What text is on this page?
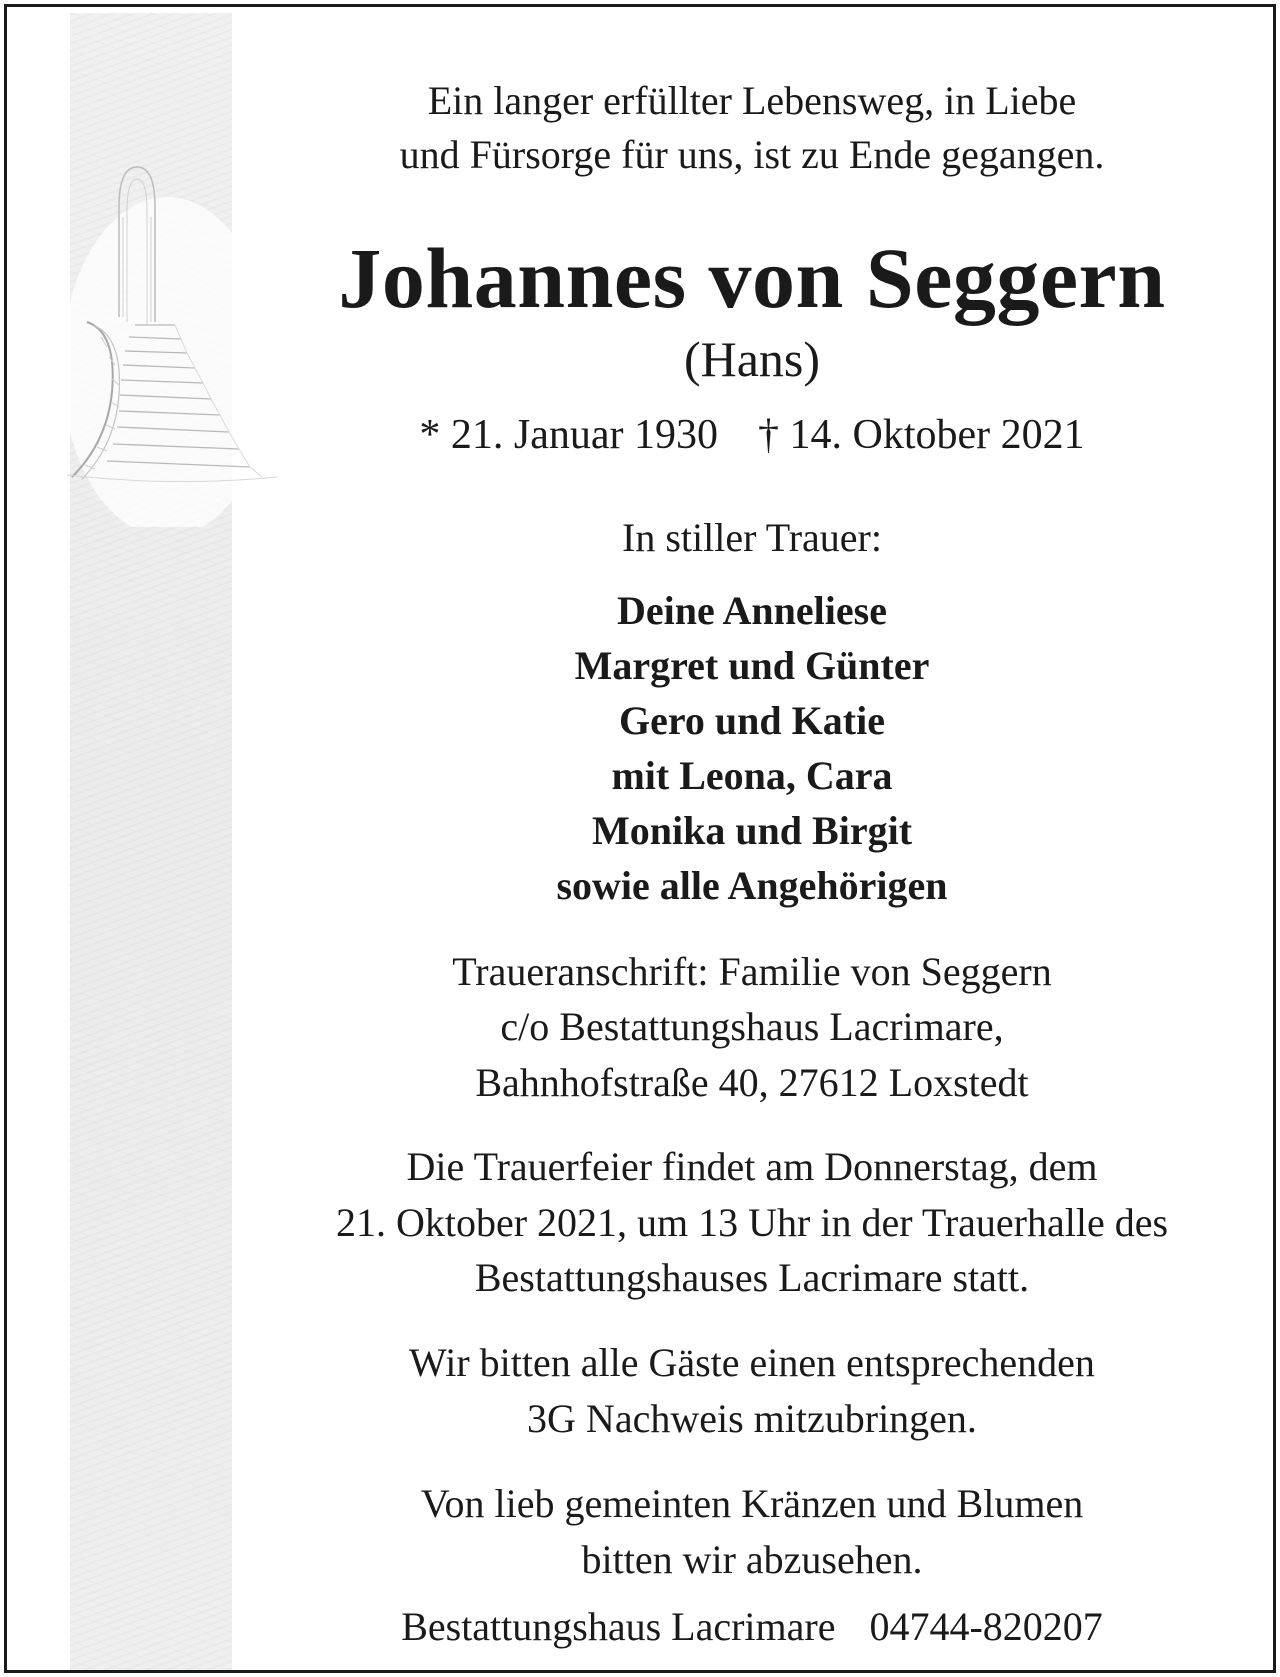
Ein langer erfüllter Lebensweg, in Liebe
und Fürsorge für uns, ist zu Ende gegangen.
Johannes von Seggern
(Hans)
* 21. Januar 1930 † 14. Oktober 2021
In stiller Trauer:
Deine Anneliese
Margret und Günter
Gero und Katie
mit Leona, Cara
Monika und Birgit
sowie alle Angehörigen
Traueranschrift: Familie von Seggern
c/o Bestattungshaus Lacrimare,
Bahnhofstraße 40, 27612 Loxstedt
Die Trauerfeier findet am Donnerstag, dem
21. Oktober 2021, um 13 Uhr in der Trauerhalle des
Bestattungshauses Lacrimare statt.
Wir bitten alle Gäste einen entsprechenden
3G Nachweis mitzubringen.
Von lieb gemeinten Kränzen und Blumen
bitten wir abzusehen.
Bestattungshaus Lacrimare 04744-820207
